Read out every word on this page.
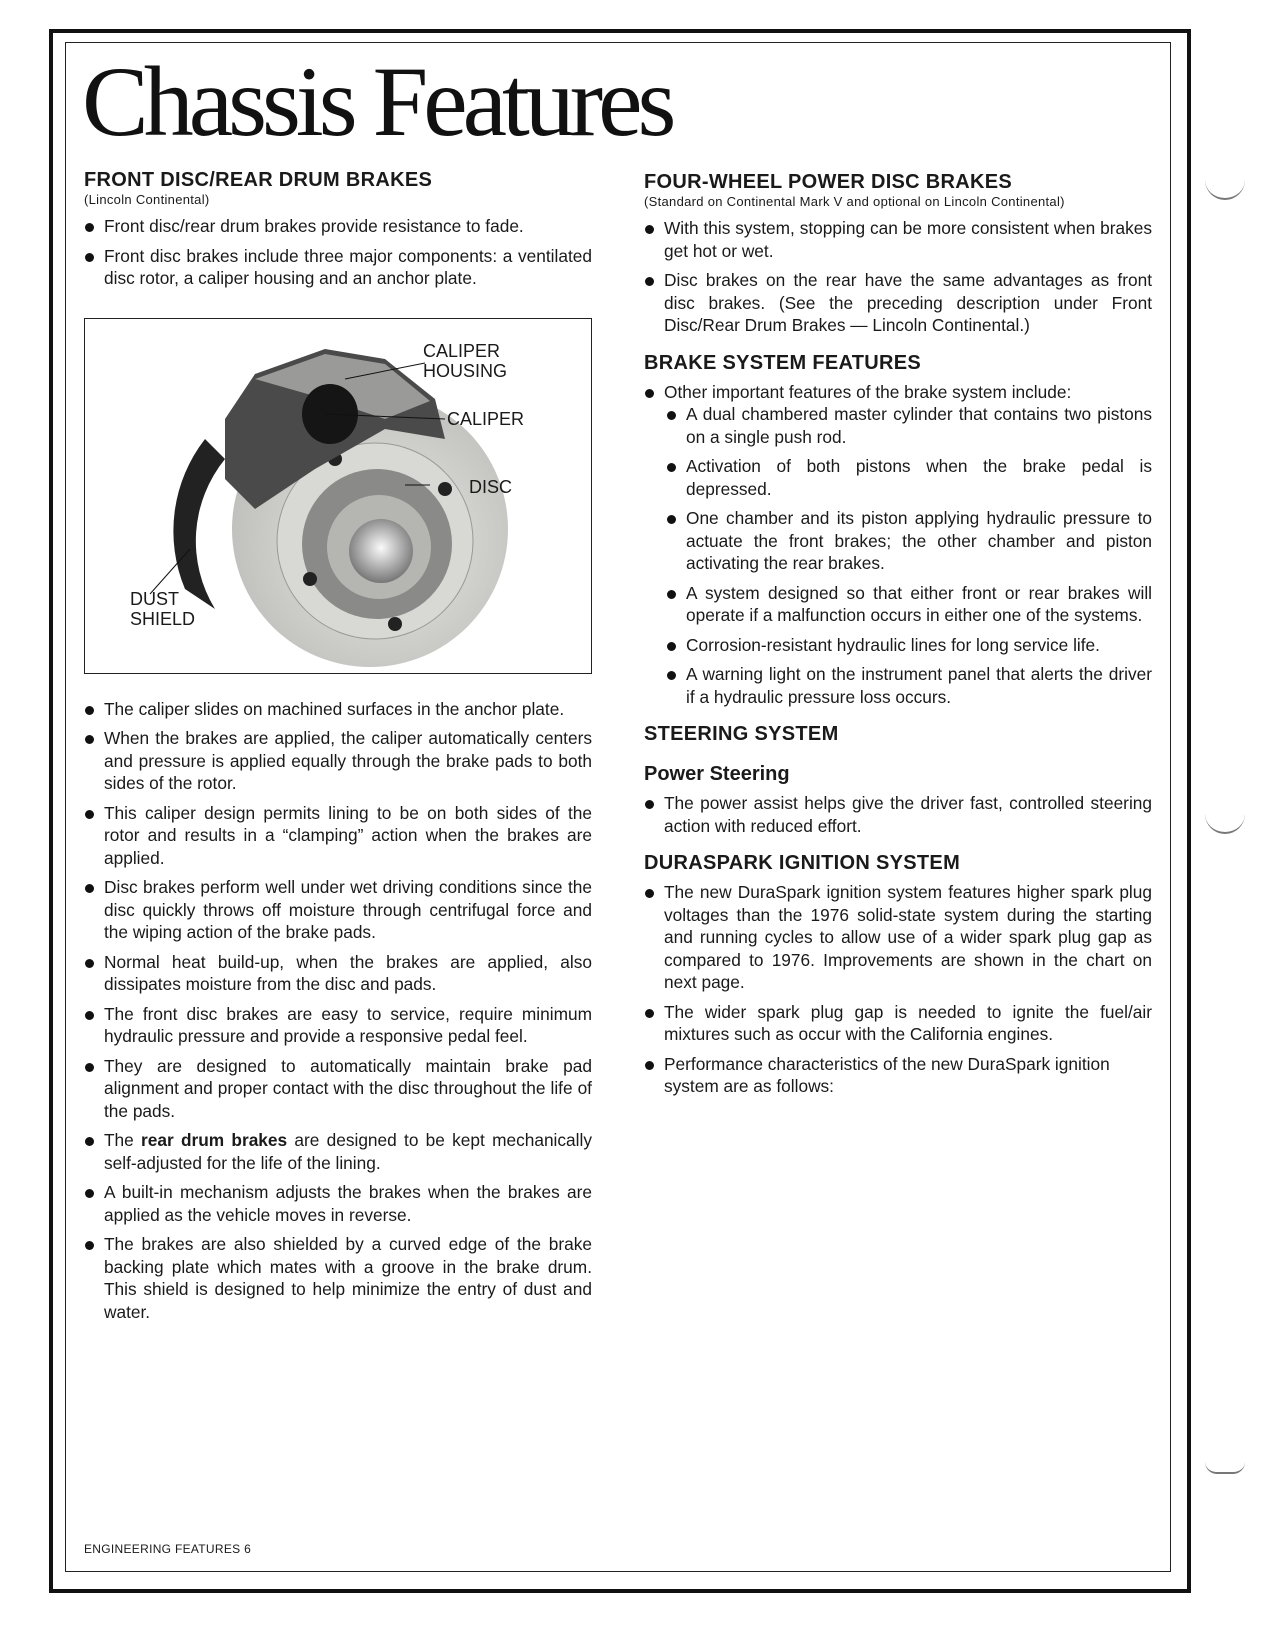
Chassis Features
FRONT DISC/REAR DRUM BRAKES
(Lincoln Continental)
Front disc/rear drum brakes provide resistance to fade.
Front disc brakes include three major components: a ventilated disc rotor, a caliper housing and an anchor plate.
CALIPER HOUSING
CALIPER
DISC
DUST SHIELD
The caliper slides on machined surfaces in the anchor plate.
When the brakes are applied, the caliper automatically centers and pressure is applied equally through the brake pads to both sides of the rotor.
This caliper design permits lining to be on both sides of the rotor and results in a “clamping” action when the brakes are applied.
Disc brakes perform well under wet driving conditions since the disc quickly throws off moisture through centrifugal force and the wiping action of the brake pads.
Normal heat build-up, when the brakes are applied, also dissipates moisture from the disc and pads.
The front disc brakes are easy to service, require minimum hydraulic pressure and provide a responsive pedal feel.
They are designed to automatically maintain brake pad alignment and proper contact with the disc throughout the life of the pads.
The rear drum brakes are designed to be kept mechanically self-adjusted for the life of the lining.
A built-in mechanism adjusts the brakes when the brakes are applied as the vehicle moves in reverse.
The brakes are also shielded by a curved edge of the brake backing plate which mates with a groove in the brake drum. This shield is designed to help minimize the entry of dust and water.
FOUR-WHEEL POWER DISC BRAKES
(Standard on Continental Mark V and optional on Lincoln Continental)
With this system, stopping can be more consistent when brakes get hot or wet.
Disc brakes on the rear have the same advantages as front disc brakes. (See the preceding description under Front Disc/Rear Drum Brakes — Lincoln Continental.)
BRAKE SYSTEM FEATURES
Other important features of the brake system include:
A dual chambered master cylinder that contains two pistons on a single push rod.
Activation of both pistons when the brake pedal is depressed.
One chamber and its piston applying hydraulic pressure to actuate the front brakes; the other chamber and piston activating the rear brakes.
A system designed so that either front or rear brakes will operate if a malfunction occurs in either one of the systems.
Corrosion-resistant hydraulic lines for long service life.
A warning light on the instrument panel that alerts the driver if a hydraulic pressure loss occurs.
STEERING SYSTEM
Power Steering
The power assist helps give the driver fast, controlled steering action with reduced effort.
DURASPARK IGNITION SYSTEM
The new DuraSpark ignition system features higher spark plug voltages than the 1976 solid-state system during the starting and running cycles to allow use of a wider spark plug gap as compared to 1976. Improvements are shown in the chart on next page.
The wider spark plug gap is needed to ignite the fuel/air mixtures such as occur with the California engines.
Performance characteristics of the new DuraSpark ignition system are as follows:
ENGINEERING FEATURES 6
